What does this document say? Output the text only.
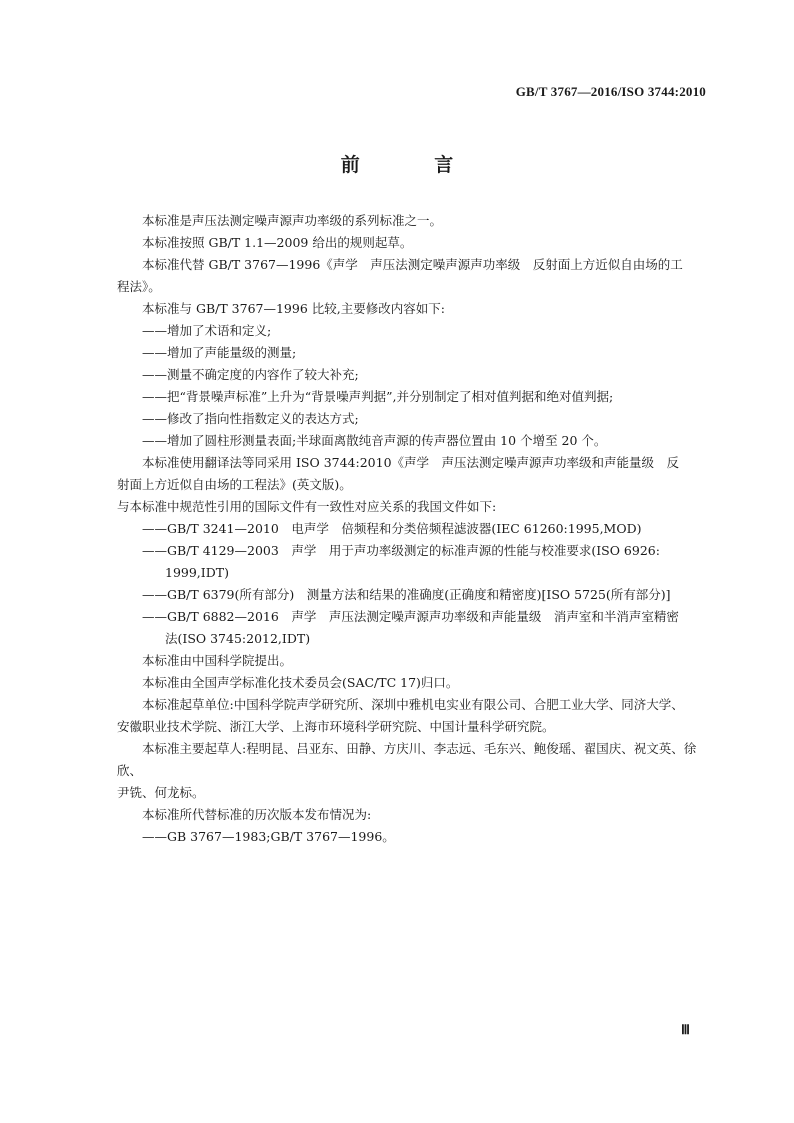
GB/T 3767—2016/ISO 3744:2010
前 言

本标准是声压法测定噪声源声功率级的系列标准之一。

本标准按照 GB/T 1.1—2009 给出的规则起草。

本标准代替 GB/T 3767—1996《声学　声压法测定噪声源声功率级　反射面上方近似自由场的工

程法》。

本标准与 GB/T 3767—1996 比较,主要修改内容如下:

——增加了术语和定义;

——增加了声能量级的测量;

——测量不确定度的内容作了较大补充;

——把“背景噪声标准”上升为“背景噪声判据”,并分别制定了相对值判据和绝对值判据;

——修改了指向性指数定义的表达方式;

——增加了圆柱形测量表面;半球面离散纯音声源的传声器位置由 10 个增至 20 个。

本标准使用翻译法等同采用 ISO 3744:2010《声学　声压法测定噪声源声功率级和声能量级　反

射面上方近似自由场的工程法》(英文版)。

与本标准中规范性引用的国际文件有一致性对应关系的我国文件如下:

——GB/T 3241—2010　电声学　倍频程和分类倍频程滤波器(IEC 61260:1995,MOD)

——GB/T 4129—2003　声学　用于声功率级测定的标准声源的性能与校准要求(ISO 6926:

1999,IDT)

——GB/T 6379(所有部分)　测量方法和结果的准确度(正确度和精密度)[ISO 5725(所有部分)]

——GB/T 6882—2016　声学　声压法测定噪声源声功率级和声能量级　消声室和半消声室精密

法(ISO 3745:2012,IDT)

本标准由中国科学院提出。

本标准由全国声学标准化技术委员会(SAC/TC 17)归口。

本标准起草单位:中国科学院声学研究所、深圳中雅机电实业有限公司、合肥工业大学、同济大学、

安徽职业技术学院、浙江大学、上海市环境科学研究院、中国计量科学研究院。

本标准主要起草人:程明昆、吕亚东、田静、方庆川、李志远、毛东兴、鲍俊瑶、翟国庆、祝文英、徐欣、

尹铣、何龙标。

本标准所代替标准的历次版本发布情况为:

——GB 3767—1983;GB/T 3767—1996。

Ⅲ
